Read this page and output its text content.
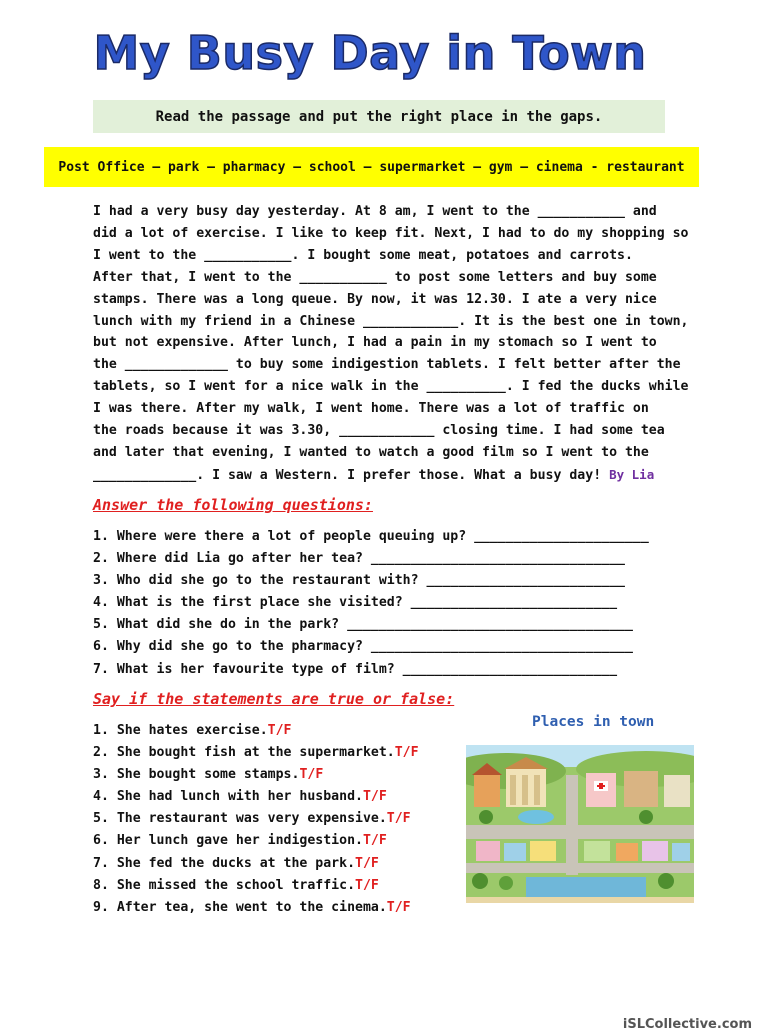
My Busy Day in Town
Read the passage and put the right place in the gaps.
Post Office – park – pharmacy – school – supermarket – gym – cinema - restaurant
I had a very busy day yesterday. At 8 am, I went to the ___________ and
did a lot of exercise. I like to keep fit. Next, I had to do my shopping so
I went to the ___________. I bought some meat, potatoes and carrots.
After that, I went to the ___________ to post some letters and buy some
stamps. There was a long queue. By now, it was 12.30. I ate a very nice
lunch with my friend in a Chinese ____________. It is the best one in town,
but not expensive. After lunch, I had a pain in my stomach so I went to
the _____________ to buy some indigestion tablets. I felt better after the
tablets, so I went for a nice walk in the __________. I fed the ducks while
I was there. After my walk, I went home. There was a lot of traffic on
the roads because it was 3.30, ____________ closing time. I had some tea
and later that evening, I wanted to watch a good film so I went to the
_____________. I saw a Western. I prefer those. What a busy day! By Lia
Answer the following questions:
1. Where were there a lot of people queuing up? ______________________
2. Where did Lia go after her tea? ________________________________
3. Who did she go to the restaurant with? _________________________
4. What is the first place she visited? __________________________
5. What did she do in the park? ____________________________________
6. Why did she go to the pharmacy? _________________________________
7. What is her favourite type of film? ___________________________
Say if the statements are true or false:
1. She hates exercise.T/F
2. She bought fish at the supermarket.T/F
3. She bought some stamps.T/F
4. She had lunch with her husband.T/F
5. The restaurant was very expensive.T/F
6. Her lunch gave her indigestion.T/F
7. She fed the ducks at the park.T/F
8. She missed the school traffic.T/F
9. After tea, she went to the cinema.T/F
Places in town
iSLCollective.com
